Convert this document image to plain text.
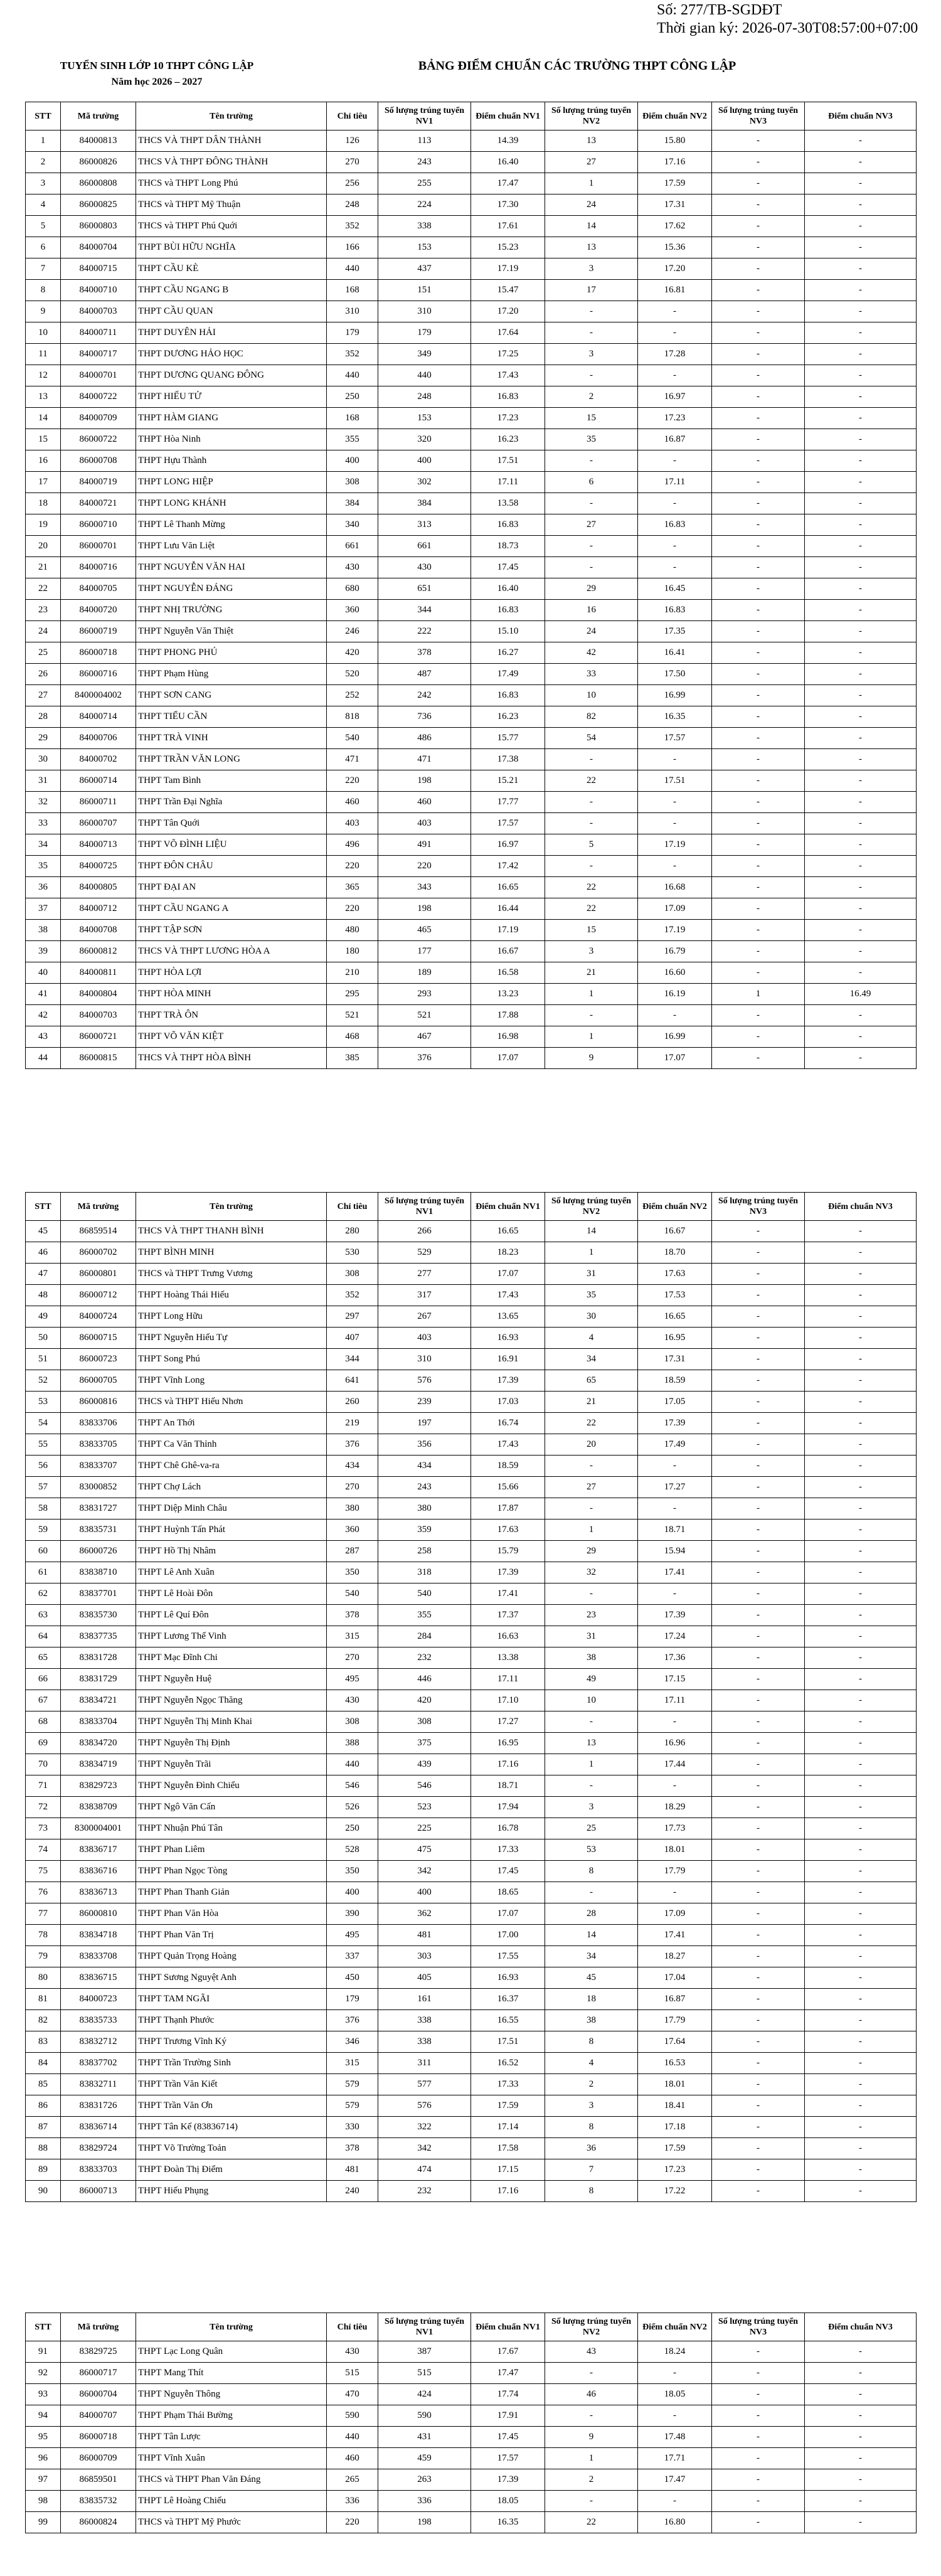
Số: 277/TB-SGDĐT
Thời gian ký: 2026-07-30T08:57:00+07:00
TUYỂN SINH LỚP 10 THPT CÔNG LẬP
Năm học 2026 – 2027
BẢNG ĐIỂM CHUẨN CÁC TRƯỜNG THPT CÔNG LẬP
STT	Mã trường	Tên trường	Chỉ tiêu	Số lượng trúng tuyển NV1	Điểm chuẩn NV1	Số lượng trúng tuyển NV2	Điểm chuẩn NV2	Số lượng trúng tuyển NV3	Điểm chuẩn NV3
1	84000813	THCS VÀ THPT DÂN THÀNH	126	113	14.39	13	15.80	-	-
2	86000826	THCS VÀ THPT ĐÔNG THÀNH	270	243	16.40	27	17.16	-	-
3	86000808	THCS và THPT Long Phú	256	255	17.47	1	17.59	-	-
4	86000825	THCS và THPT Mỹ Thuận	248	224	17.30	24	17.31	-	-
5	86000803	THCS và THPT Phú Quới	352	338	17.61	14	17.62	-	-
6	84000704	THPT BÙI HỮU NGHĨA	166	153	15.23	13	15.36	-	-
7	84000715	THPT CẦU KÈ	440	437	17.19	3	17.20	-	-
8	84000710	THPT CẦU NGANG B	168	151	15.47	17	16.81	-	-
9	84000703	THPT CẦU QUAN	310	310	17.20	-	-	-	-
10	84000711	THPT DUYÊN HẢI	179	179	17.64	-	-	-	-
11	84000717	THPT DƯƠNG HẢO HỌC	352	349	17.25	3	17.28	-	-
12	84000701	THPT DƯƠNG QUANG ĐÔNG	440	440	17.43	-	-	-	-
13	84000722	THPT HIẾU TỬ	250	248	16.83	2	16.97	-	-
14	84000709	THPT HÀM GIANG	168	153	17.23	15	17.23	-	-
15	86000722	THPT Hòa Ninh	355	320	16.23	35	16.87	-	-
16	86000708	THPT Hựu Thành	400	400	17.51	-	-	-	-
17	84000719	THPT LONG HIỆP	308	302	17.11	6	17.11	-	-
18	84000721	THPT LONG KHÁNH	384	384	13.58	-	-	-	-
19	86000710	THPT Lê Thanh Mừng	340	313	16.83	27	16.83	-	-
20	86000701	THPT Lưu Văn Liệt	661	661	18.73	-	-	-	-
21	84000716	THPT NGUYỄN VĂN HAI	430	430	17.45	-	-	-	-
22	84000705	THPT NGUYỄN ĐÁNG	680	651	16.40	29	16.45	-	-
23	84000720	THPT NHỊ TRƯỜNG	360	344	16.83	16	16.83	-	-
24	86000719	THPT Nguyễn Văn Thiệt	246	222	15.10	24	17.35	-	-
25	86000718	THPT PHONG PHÚ	420	378	16.27	42	16.41	-	-
26	86000716	THPT Phạm Hùng	520	487	17.49	33	17.50	-	-
27	8400004002	THPT SƠN CANG	252	242	16.83	10	16.99	-	-
28	84000714	THPT TIỂU CẦN	818	736	16.23	82	16.35	-	-
29	84000706	THPT TRÀ VINH	540	486	15.77	54	17.57	-	-
30	84000702	THPT TRẦN VĂN LONG	471	471	17.38	-	-	-	-
31	86000714	THPT Tam Bình	220	198	15.21	22	17.51	-	-
32	86000711	THPT Trần Đại Nghĩa	460	460	17.77	-	-	-	-
33	86000707	THPT Tân Quới	403	403	17.57	-	-	-	-
34	84000713	THPT VÕ ĐÌNH LIỆU	496	491	16.97	5	17.19	-	-
35	84000725	THPT ĐÔN CHÂU	220	220	17.42	-	-	-	-
36	84000805	THPT ĐẠI AN	365	343	16.65	22	16.68	-	-
37	84000712	THPT CẦU NGANG A	220	198	16.44	22	17.09	-	-
38	84000708	THPT TẬP SƠN	480	465	17.19	15	17.19	-	-
39	86000812	THCS VÀ THPT LƯƠNG HÒA A	180	177	16.67	3	16.79	-	-
40	84000811	THPT HÒA LỢI	210	189	16.58	21	16.60	-	-
41	84000804	THPT HÒA MINH	295	293	13.23	1	16.19	1	16.49
42	84000703	THPT TRÀ ÔN	521	521	17.88	-	-	-	-
43	86000721	THPT VÕ VĂN KIỆT	468	467	16.98	1	16.99	-	-
44	86000815	THCS VÀ THPT HÒA BÌNH	385	376	17.07	9	17.07	-	-
STT	Mã trường	Tên trường	Chỉ tiêu	Số lượng trúng tuyển NV1	Điểm chuẩn NV1	Số lượng trúng tuyển NV2	Điểm chuẩn NV2	Số lượng trúng tuyển NV3	Điểm chuẩn NV3
45	86859514	THCS VÀ THPT THANH BÌNH	280	266	16.65	14	16.67	-	-
46	86000702	THPT BÌNH MINH	530	529	18.23	1	18.70	-	-
47	86000801	THCS và THPT Trưng Vương	308	277	17.07	31	17.63	-	-
48	86000712	THPT Hoàng Thái Hiếu	352	317	17.43	35	17.53	-	-
49	84000724	THPT Long Hữu	297	267	13.65	30	16.65	-	-
50	86000715	THPT Nguyễn Hiếu Tự	407	403	16.93	4	16.95	-	-
51	86000723	THPT Song Phú	344	310	16.91	34	17.31	-	-
52	86000705	THPT Vĩnh Long	641	576	17.39	65	18.59	-	-
53	86000816	THCS và THPT Hiếu Nhơn	260	239	17.03	21	17.05	-	-
54	83833706	THPT An Thới	219	197	16.74	22	17.39	-	-
55	83833705	THPT Ca Văn Thỉnh	376	356	17.43	20	17.49	-	-
56	83833707	THPT Chê Ghê-va-ra	434	434	18.59	-	-	-	-
57	83000852	THPT Chợ Lách	270	243	15.66	27	17.27	-	-
58	83831727	THPT Diệp Minh Châu	380	380	17.87	-	-	-	-
59	83835731	THPT Huỳnh Tấn Phát	360	359	17.63	1	18.71	-	-
60	86000726	THPT Hồ Thị Nhâm	287	258	15.79	29	15.94	-	-
61	83838710	THPT Lê Anh Xuân	350	318	17.39	32	17.41	-	-
62	83837701	THPT Lê Hoài Đôn	540	540	17.41	-	-	-	-
63	83835730	THPT Lê Quí Đôn	378	355	17.37	23	17.39	-	-
64	83837735	THPT Lương Thế Vinh	315	284	16.63	31	17.24	-	-
65	83831728	THPT Mạc Đĩnh Chi	270	232	13.38	38	17.36	-	-
66	83831729	THPT Nguyễn Huệ	495	446	17.11	49	17.15	-	-
67	83834721	THPT Nguyễn Ngọc Thăng	430	420	17.10	10	17.11	-	-
68	83833704	THPT Nguyễn Thị Minh Khai	308	308	17.27	-	-	-	-
69	83834720	THPT Nguyễn Thị Định	388	375	16.95	13	16.96	-	-
70	83834719	THPT Nguyễn Trãi	440	439	17.16	1	17.44	-	-
71	83829723	THPT Nguyễn Đình Chiểu	546	546	18.71	-	-	-	-
72	83838709	THPT Ngô Văn Cấn	526	523	17.94	3	18.29	-	-
73	8300004001	THPT Nhuận Phú Tân	250	225	16.78	25	17.73	-	-
74	83836717	THPT Phan Liêm	528	475	17.33	53	18.01	-	-
75	83836716	THPT Phan Ngọc Tòng	350	342	17.45	8	17.79	-	-
76	83836713	THPT Phan Thanh Giản	400	400	18.65	-	-	-	-
77	86000810	THPT Phan Văn Hòa	390	362	17.07	28	17.09	-	-
78	83834718	THPT Phan Văn Trị	495	481	17.00	14	17.41	-	-
79	83833708	THPT Quản Trọng Hoàng	337	303	17.55	34	18.27	-	-
80	83836715	THPT Sương Nguyệt Anh	450	405	16.93	45	17.04	-	-
81	84000723	THPT TAM NGÃI	179	161	16.37	18	16.87	-	-
82	83835733	THPT Thạnh Phước	376	338	16.55	38	17.79	-	-
83	83832712	THPT Trương Vĩnh Ký	346	338	17.51	8	17.64	-	-
84	83837702	THPT Trần Trường Sinh	315	311	16.52	4	16.53	-	-
85	83832711	THPT Trần Văn Kiết	579	577	17.33	2	18.01	-	-
86	83831726	THPT Trần Văn Ơn	579	576	17.59	3	18.41	-	-
87	83836714	THPT Tân Kế (83836714)	330	322	17.14	8	17.18	-	-
88	83829724	THPT Võ Trường Toản	378	342	17.58	36	17.59	-	-
89	83833703	THPT Đoàn Thị Điểm	481	474	17.15	7	17.23	-	-
90	86000713	THPT Hiếu Phụng	240	232	17.16	8	17.22	-	-
STT	Mã trường	Tên trường	Chỉ tiêu	Số lượng trúng tuyển NV1	Điểm chuẩn NV1	Số lượng trúng tuyển NV2	Điểm chuẩn NV2	Số lượng trúng tuyển NV3	Điểm chuẩn NV3
91	83829725	THPT Lạc Long Quân	430	387	17.67	43	18.24	-	-
92	86000717	THPT Mang Thít	515	515	17.47	-	-	-	-
93	86000704	THPT Nguyễn Thông	470	424	17.74	46	18.05	-	-
94	84000707	THPT Phạm Thái Bường	590	590	17.91	-	-	-	-
95	86000718	THPT Tân Lược	440	431	17.45	9	17.48	-	-
96	86000709	THPT Vĩnh Xuân	460	459	17.57	1	17.71	-	-
97	86859501	THCS và THPT Phan Văn Đáng	265	263	17.39	2	17.47	-	-
98	83835732	THPT Lê Hoàng Chiếu	336	336	18.05	-	-	-	-
99	86000824	THCS và THPT Mỹ Phước	220	198	16.35	22	16.80	-	-
